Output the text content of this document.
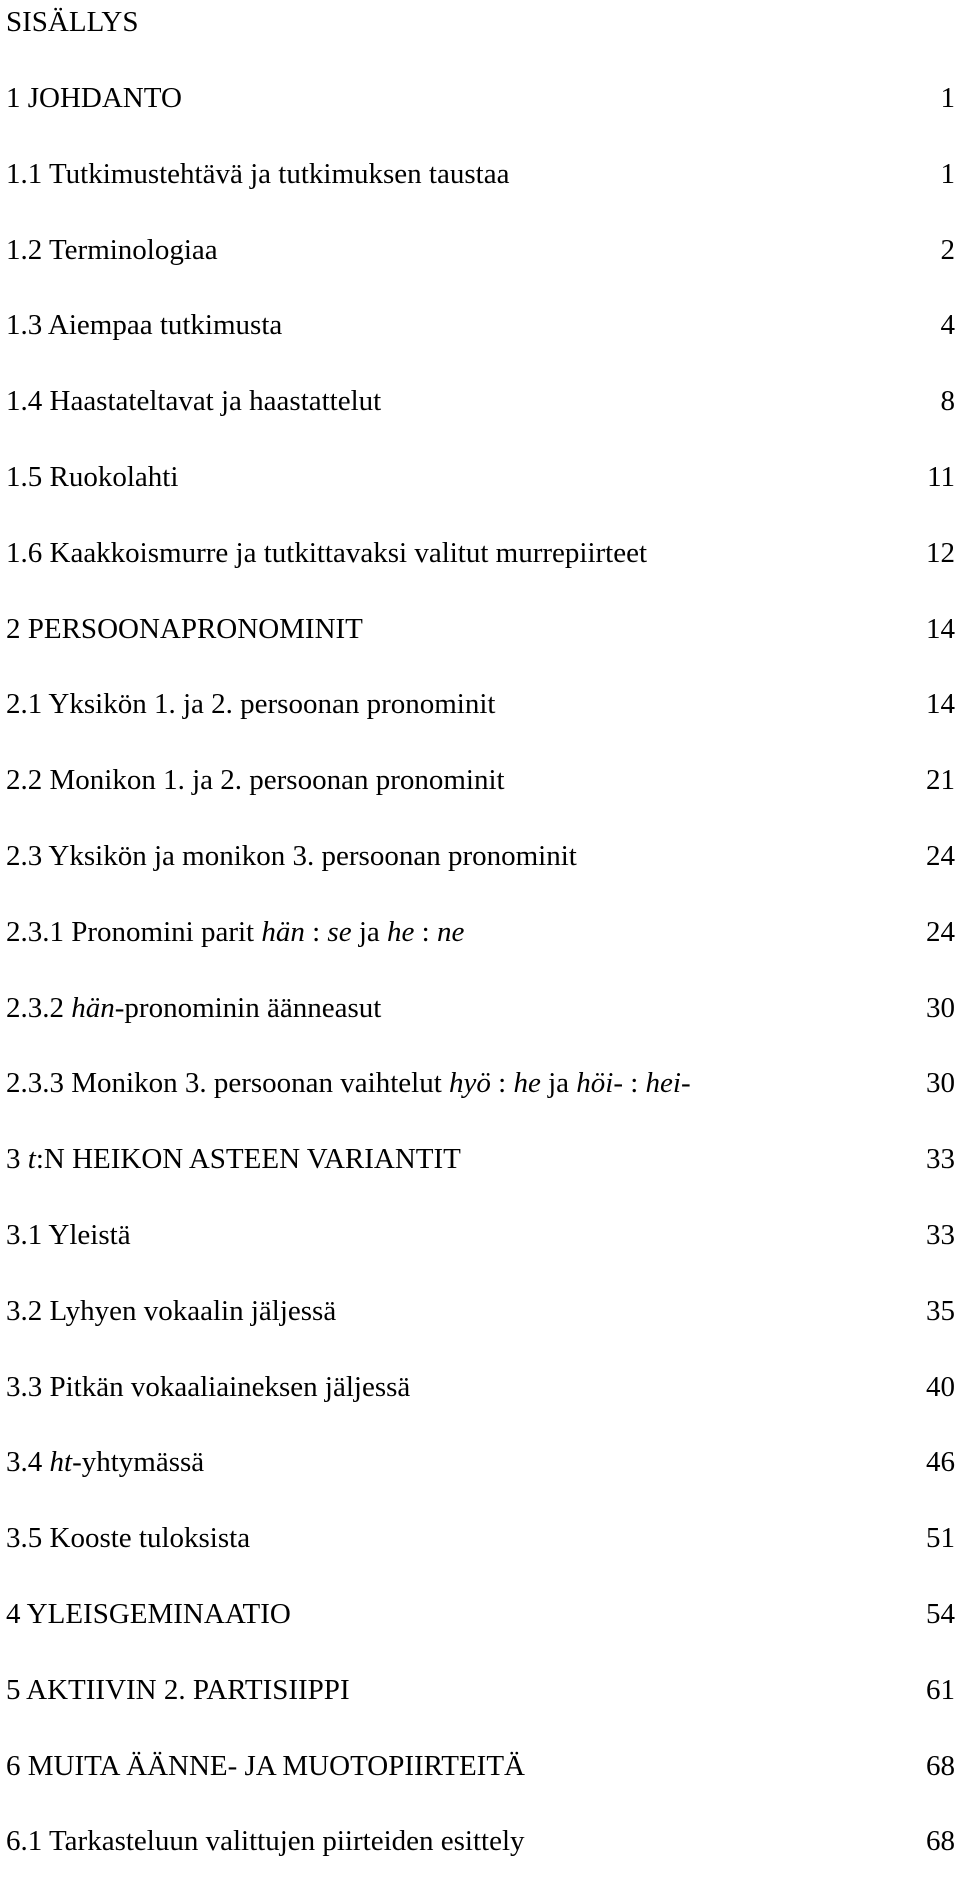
SISÄLLYS
1 JOHDANTO	1
1.1 Tutkimustehtävä ja tutkimuksen taustaa	1
1.2 Terminologiaa	2
1.3 Aiempaa tutkimusta	4
1.4 Haastateltavat ja haastattelut	8
1.5 Ruokolahti	11
1.6 Kaakkoismurre ja tutkittavaksi valitut murrepiirteet	12
2 PERSOONAPRONOMINIT	14
2.1 Yksikön 1. ja 2. persoonan pronominit	14
2.2 Monikon 1. ja 2. persoonan pronominit	21
2.3 Yksikön ja monikon 3. persoonan pronominit	24
2.3.1 Pronomini parit hän : se ja he : ne	24
2.3.2 hän-pronominin äänneasut	30
2.3.3 Monikon 3. persoonan vaihtelut hyö : he ja höi- : hei-	30
3 t:N HEIKON ASTEEN VARIANTIT	33
3.1 Yleistä	33
3.2 Lyhyen vokaalin jäljessä	35
3.3 Pitkän vokaaliaineksen jäljessä	40
3.4 ht-yhtymässä	46
3.5 Kooste tuloksista	51
4 YLEISGEMINAATIO	54
5 AKTIIVIN 2. PARTISIIPPI	61
6 MUITA ÄÄNNE- JA MUOTOPIIRTEITÄ	68
6.1 Tarkasteluun valittujen piirteiden esittely	68
